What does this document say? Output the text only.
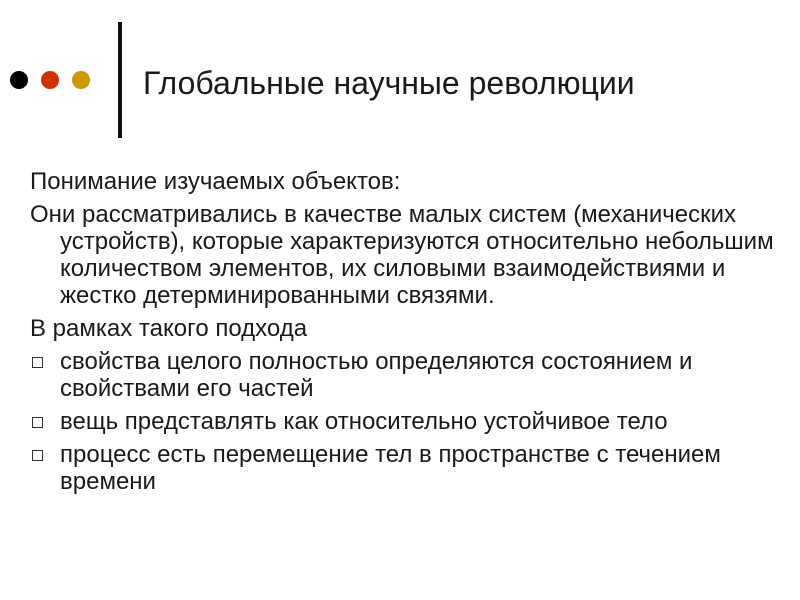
Глобальные научные революции

Понимание изучаемых объектов:

Они рассматривались в качестве малых систем (механических устройств), которые характеризуются относительно небольшим количеством элементов, их силовыми взаимодействиями и жестко детерминированными связями.

В рамках такого подхода

свойства целого полностью определяются состоянием и свойствами его частей
вещь представлять как относительно устойчивое тело
процесс есть перемещение тел в пространстве с течением времени
